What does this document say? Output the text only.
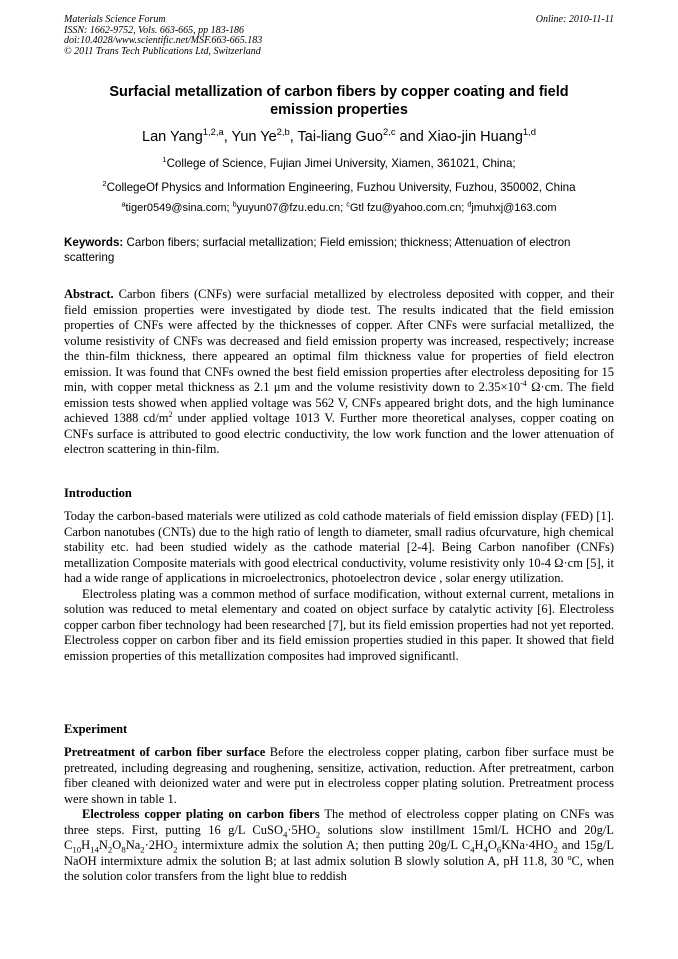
Materials Science Forum
ISSN: 1662-9752, Vols. 663-665, pp 183-186
doi:10.4028/www.scientific.net/MSF.663-665.183
© 2011 Trans Tech Publications Ltd, Switzerland
Online: 2010-11-11
Surfacial metallization of carbon fibers by copper coating and field
emission properties
Lan Yang$^{1,2,a}$, Yun Ye$^{2,b}$, Tai-liang Guo$^{2,c}$ and Xiao-jin Huang$^{1,d}$
$^1$College of Science, Fujian Jimei University, Xiamen, 361021, China;
$^2$CollegeOf Physics and Information Engineering, Fuzhou University, Fuzhou, 350002, China
$^a$tiger0549@sina.com; $^b$yuyun07@fzu.edu.cn; $^c$Gtl fzu@yahoo.com.cn; $^d$jmuhxj@163.com
Keywords: Carbon fibers; surfacial metallization; Field emission; thickness; Attenuation of electron scattering

Abstract. Carbon fibers (CNFs) were surfacial metallized by electroless deposited with copper, and their field emission properties were investigated by diode test. The results indicated that the field emission properties of CNFs were affected by the thicknesses of copper. After CNFs were surfacial metallized, the volume resistivity of CNFs was decreased and field emission property was increased, respectively; increase the thin-film thickness, there appeared an optimal film thickness value for properties of field electron emission. It was found that CNFs owned the best field emission properties after electroless depositing for 15 min, with copper metal thickness as 2.1 μm and the volume resistivity down to $2.35\times 10^{-4}$ Ω·cm. The field emission tests showed when applied voltage was 562 V, CNFs appeared bright dots, and the high luminance achieved 1388 $cd/m^2$ under applied voltage 1013 V. Further more theoretical analyses, copper coating on CNFs surface is attributed to good electric conductivity, the low work function and the lower attenuation of electron scattering in thin-film.

Introduction

Today the carbon-based materials were utilized as cold cathode materials of field emission display (FED) [1]. Carbon nanotubes (CNTs) due to the high ratio of length to diameter, small radius ofcurvature, high chemical stability etc. had been studied widely as the cathode material [2-4]. Being Carbon nanofiber (CNFs) metallization Composite materials with good electrical conductivity, volume resistivity only 10-4 Ω·cm [5], it had a wide range of applications in microelectronics, photoelectron device , solar energy utilization.

Electroless plating was a common method of surface modification, without external current, metalions in solution was reduced to metal elementary and coated on object surface by catalytic activity [6]. Electroless copper carbon fiber technology had been researched [7], but its field emission properties had not yet reported. Electroless copper on carbon fiber and its field emission properties studied in this paper. It showed that field emission properties of this metallization composites had improved significantl.

Experiment

Pretreatment of carbon fiber surface Before the electroless copper plating, carbon fiber surface must be pretreated, including degreasing and roughening, sensitize, activation, reduction. After pretreatment, carbon fiber cleaned with deionized water and were put in electroless copper plating solution. Pretreatment process were shown in table 1.

Electroless copper plating on carbon fibers The method of electroless copper plating on CNFs was three steps. First, putting 16 g/L $CuSO_4\cdot 5HO_2$ solutions slow instillment 15ml/L HCHO and 20g/L $C_{10}H_{14}N_2O_8Na_2\cdot 2HO_2$ intermixture admix the solution A; then putting 20g/L $C_4H_4O_6KNa\cdot 4HO_2$ and 15g/L NaOH intermixture admix the solution B; at last admix solution B slowly solution A, pH 11.8, 30 $^o$C, when the solution color transfers from the light blue to reddish
